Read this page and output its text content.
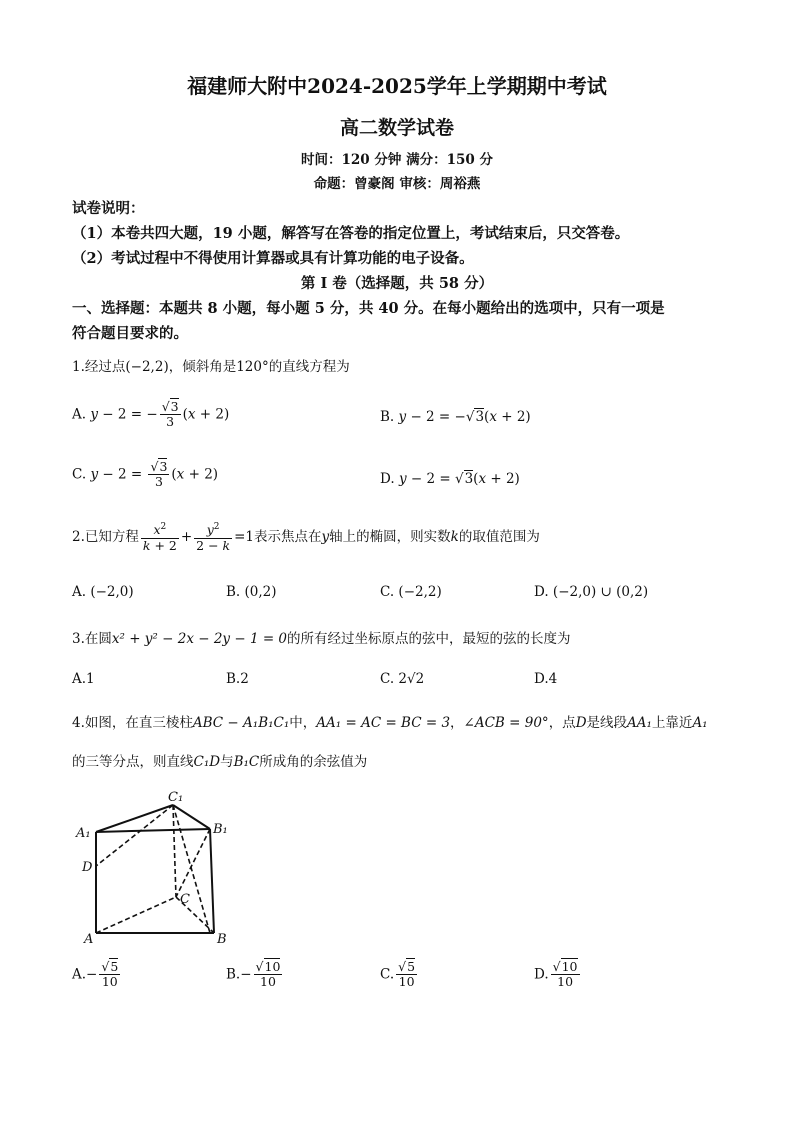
福建师大附中2024-2025学年上学期期中考试
高二数学试卷
时间：120 分钟 满分：150 分
命题：曾豪阁 审核：周裕燕
试卷说明：
（1）本卷共四大题，19 小题，解答写在答卷的指定位置上，考试结束后，只交答卷。
（2）考试过程中不得使用计算器或具有计算功能的电子设备。
第 I 卷（选择题，共 58 分）
一、选择题：本题共 8 小题，每小题 5 分，共 40 分。在每小题给出的选项中，只有一项是
符合题目要求的。
1.经过点(−2,2)，倾斜角是120°的直线方程为
A. y − 2 = − $\frac{√3}{3} (x + 2)$	B. y − 2 = −√3(x + 2)
C. $y - 2 = \frac{√3}{3} (x + 2)$	D. y − 2 = √3(x + 2)
2.已知方程 $\frac{x^2}{k + 2} + \frac{y^2}{2 - k} =1$表示焦点在y轴上的椭圆，则实数k的取值范围为
A. (−2,0)	B. (0,2)	C. (−2,2)	D. (−2,0) ∪ (0,2)
3.在圆x² + y² − 2x − 2y − 1 = 0的所有经过坐标原点的弦中，最短的弦的长度为
A.1	B.2	C. 2√2	D.4
4.如图，在直三棱柱ABC − A₁B₁C₁中，AA₁ = AC = BC = 3，∠ACB = 90°，点D是线段AA₁上靠近A₁
的三等分点，则直线C₁D与B₁C所成角的余弦值为
C₁
A₁	B₁
D
C
A	B
$A.- \frac{√5}{10}$	$B.- \frac{√10}{10}$	C. $\frac{√5}{10}$	D. $\frac{√10}{10}$
